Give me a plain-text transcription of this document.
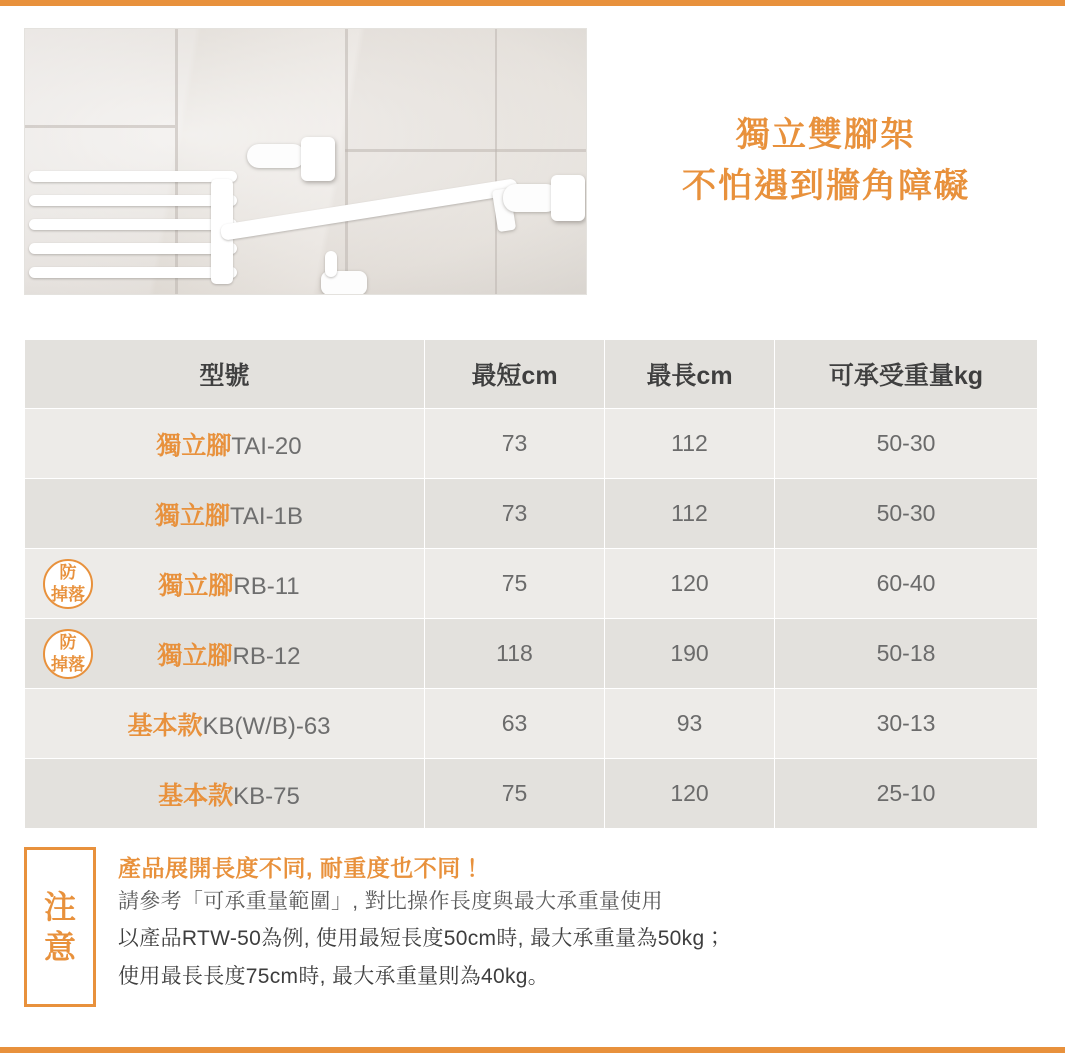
獨立雙腳架
不怕遇到牆角障礙
型號	最短cm	最長cm	可承受重量kg
獨立腳TAI-20	73	112	50-30
獨立腳TAI-1B	73	112	50-30

防
掉落 獨立腳RB-11	75	120	60-40

防
掉落 獨立腳RB-12	118	190	50-18
基本款KB(W/B)-63	63	93	30-13
基本款KB-75	75	120	25-10
注
意
產品展開長度不同, 耐重度也不同！
請參考「可承重量範圍」, 對比操作長度與最大承重量使用
以產品RTW-50為例, 使用最短長度50cm時, 最大承重量為50kg；
使用最長長度75cm時, 最大承重量則為40kg。
